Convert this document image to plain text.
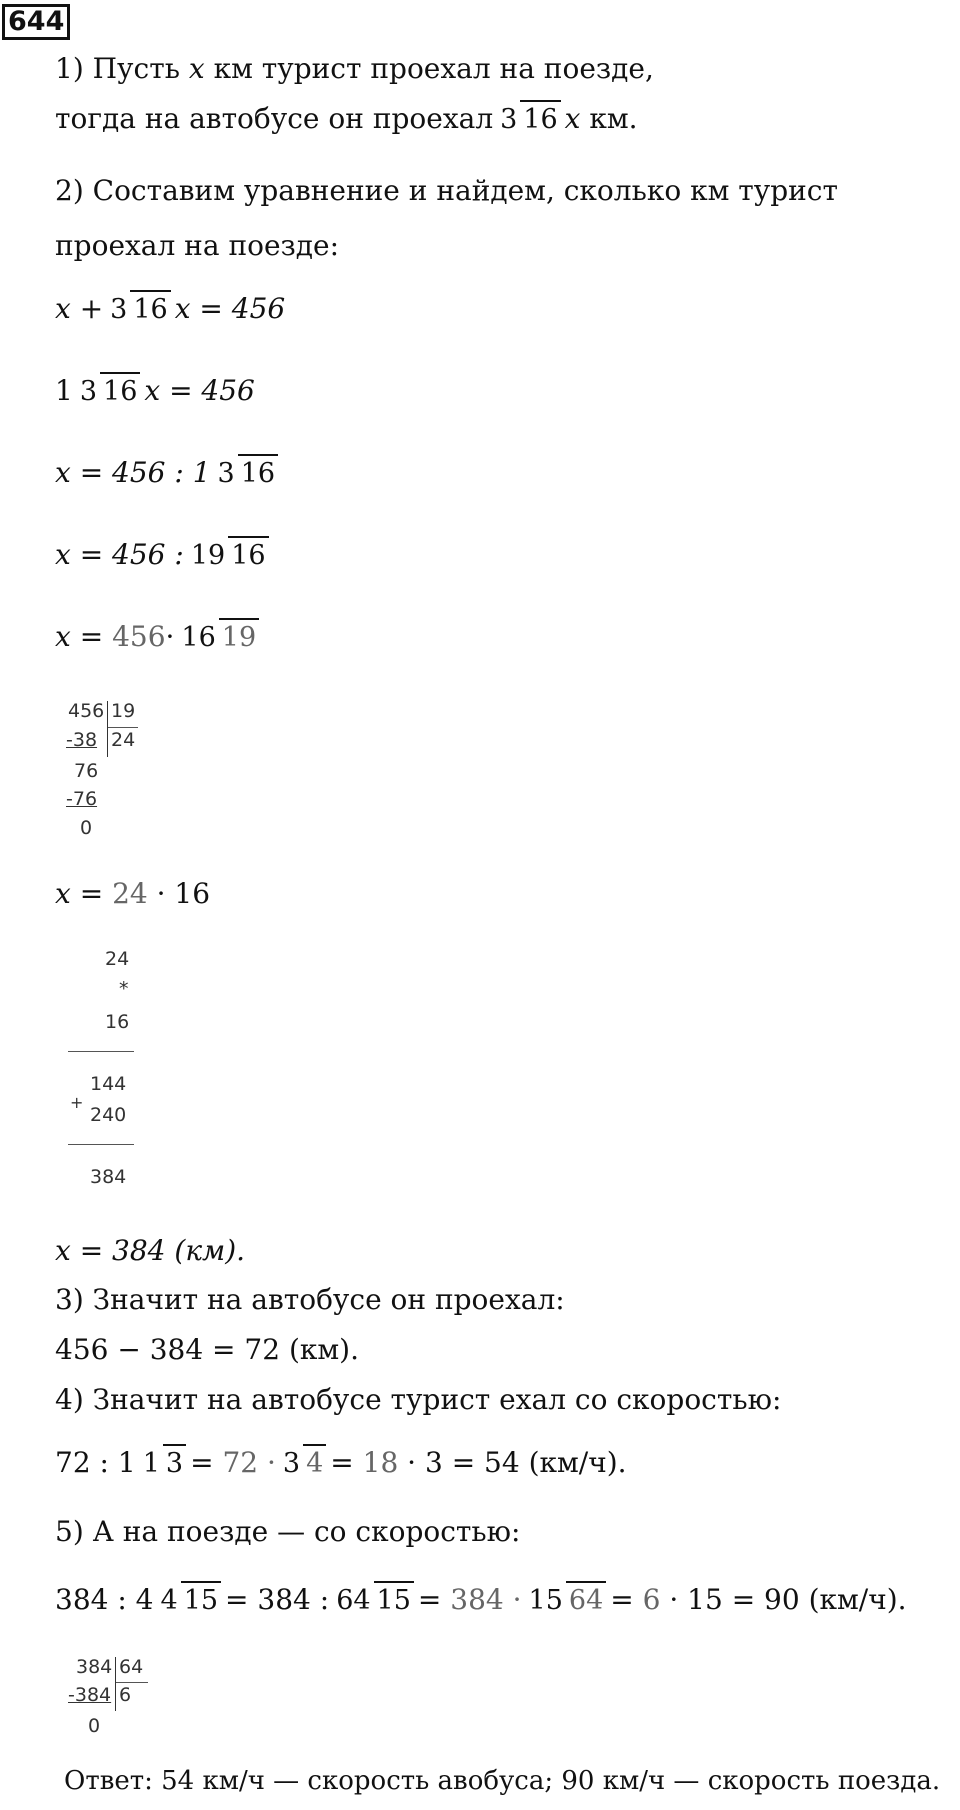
644
1) Пусть
x
км турист проехал на поезде,
тогда на автобусе он проехал 3 16 x
км.
2) Составим уравнение и найдем, сколько км турист
проехал на поезде:
x + 3 16 x = 456
1 3 16 x = 456
x = 456 : 1 3 16
x = 456 : 19 16
x =
456 · 16 19
456 19
-38 24
76
-76
0
x =
24
· 16
24
*
16
+
144
240
384
x = 384 (км).
3) Значит на автобусе он проехал:
456 − 384 = 72 (км).
4) Значит на автобусе турист ехал со скоростью:
72 : 1 1 3 =
72 · 3 4 =
18
· 3 = 54 (км/ч).
5) А на поезде — со скоростью:
384 : 4 4 15 = 384 : 64 15 =
384 · 15 64 =
6
· 15 = 90 (км/ч).
384 64
-384 6
0
Ответ: 54 км/ч — скорость авобуса; 90 км/ч — скорость поезда.
